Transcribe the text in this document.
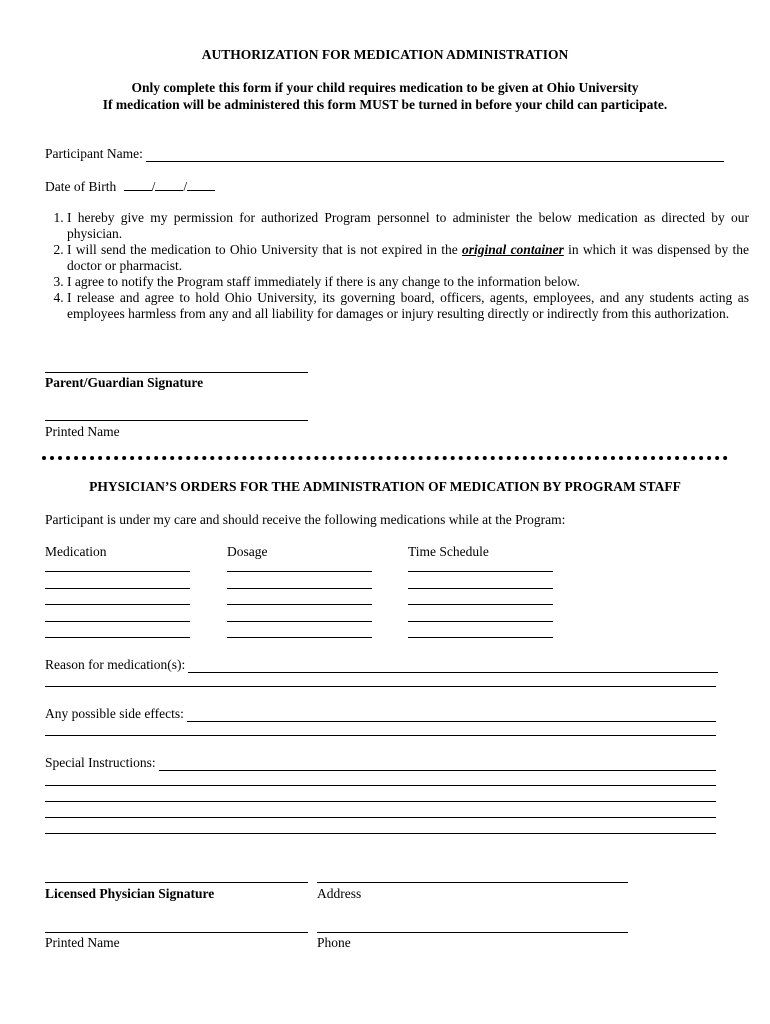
AUTHORIZATION FOR MEDICATION ADMINISTRATION
Only complete this form if your child requires medication to be given at Ohio University
If medication will be administered this form MUST be turned in before your child can participate.
Participant Name:
Date of Birth	/ /
1. I hereby give my permission for authorized Program personnel to administer the below medication as directed by our physician.
2. I will send the medication to Ohio University that is not expired in the original container in which it was dispensed by the doctor or pharmacist.
3. I agree to notify the Program staff immediately if there is any change to the information below.
4. I release and agree to hold Ohio University, its governing board, officers, agents, employees, and any students acting as employees harmless from any and all liability for damages or injury resulting directly or indirectly from this authorization.
Parent/Guardian Signature
Printed Name
PHYSICIAN’S ORDERS FOR THE ADMINISTRATION OF MEDICATION BY PROGRAM STAFF
Participant is under my care and should receive the following medications while at the Program:
Medication	Dosage	Time Schedule
Reason for medication(s):
Any possible side effects:
Special Instructions:
Licensed Physician Signature	Address
Printed Name	Phone
